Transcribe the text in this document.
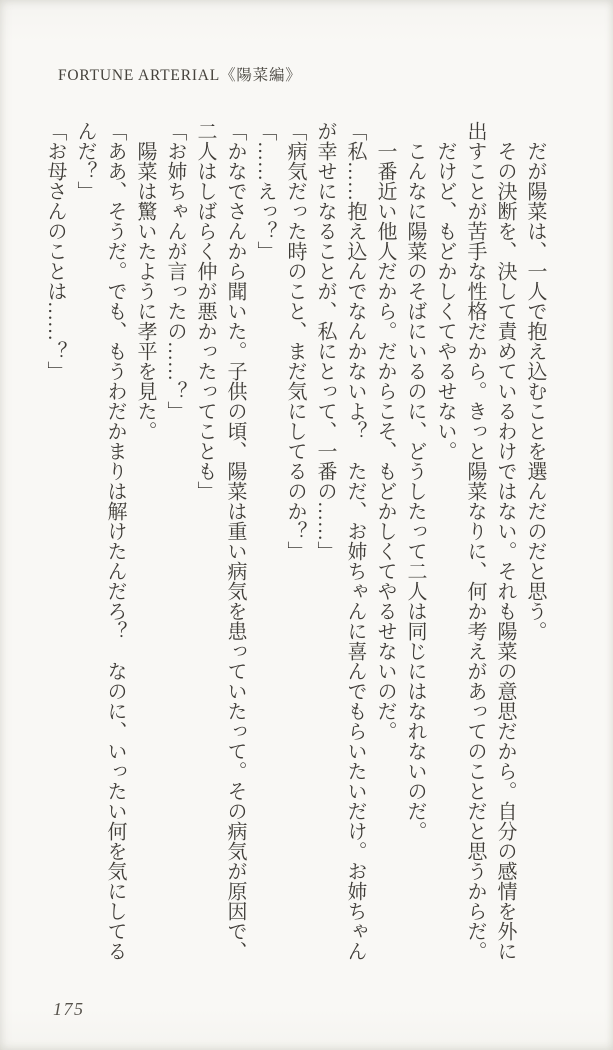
FORTUNE ARTERIAL《陽菜編》
　だが陽菜は、一人で抱え込むことを選んだのだと思う。
　その決断を、決して責めているわけではない。それも陽菜の意思だから。自分の感情を外に
出すことが苦手な性格だから。きっと陽菜なりに、何か考えがあってのことだと思うからだ。
　だけど、もどかしくてやるせない。
　こんなに陽菜のそばにいるのに、どうしたって二人は同じにはなれないのだ。
　一番近い他人だから。だからこそ、もどかしくてやるせないのだ。
「私……抱え込んでなんかないよ？　ただ、お姉ちゃんに喜んでもらいたいだけ。お姉ちゃん
が幸せになることが、私にとって、一番の……」
「病気だった時のこと、まだ気にしてるのか？」
「……えっ？」
「かなでさんから聞いた。子供の頃、陽菜は重い病気を患っていたって。その病気が原因で、
二人はしばらく仲が悪かったってことも」
「お姉ちゃんが言ったの……？」
　陽菜は驚いたように孝平を見た。
「ああ、そうだ。でも、もうわだかまりは解けたんだろ？　なのに、いったい何を気にしてる
んだ？」
「お母さんのことは……？」
175
